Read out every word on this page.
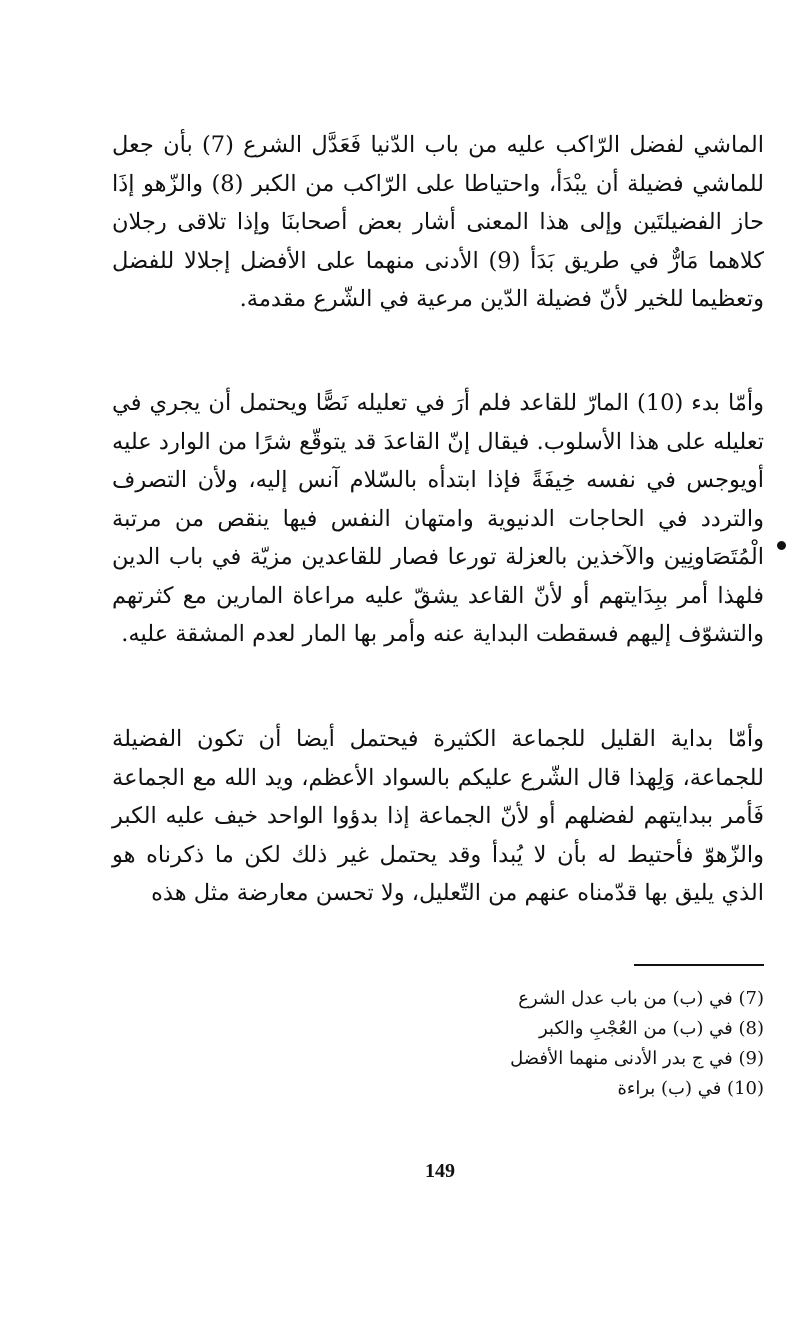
الماشي لفضل الرّاكب عليه من باب الدّنيا فَعَدَّل الشرع (7) بأن جعل للماشي فضيلة أن يبْدَأ، واحتياطا على الرّاكب من الكبر (8) والزّهو إذَا حاز الفضيلتَين وإلى هذا المعنى أشار بعض أصحابنَا وإذا تلاقى رجلان كلاهما مَارٌّ في طريق بَدَأ (9) الأدنى منهما على الأفضل إجلالا للفضل وتعظيما للخير لأنّ فضيلة الدّين مرعية في الشّرع مقدمة.

وأمّا بدء (10) المارّ للقاعد فلم أرَ في تعليله نَصًّا ويحتمل أن يجري في تعليله على هذا الأسلوب. فيقال إنّ القاعدَ قد يتوقّع شرًا من الوارد عليه أويوجس في نفسه خِيفَةً فإذا ابتدأه بالسّلام آنس إليه، ولأن التصرف والتردد في الحاجات الدنيوية وامتهان النفس فيها ينقص من مرتبة الْمُتَصَاونِين والآخذين بالعزلة تورعا فصار للقاعدين مزيّة في باب الدين فلهذا أمر ببِدَايتهم أو لأنّ القاعد يشقّ عليه مراعاة المارين مع كثرتهم والتشوّف إليهم فسقطت البداية عنه وأمر بها المار لعدم المشقة عليه.

وأمّا بداية القليل للجماعة الكثيرة فيحتمل أيضا أن تكون الفضيلة للجماعة، وَلِهذا قال الشّرع عليكم بالسواد الأعظم، ويد الله مع الجماعة فَأمر ببدايتهم لفضلهم أو لأنّ الجماعة إذا بدؤوا الواحد خيف عليه الكبر والزّهوّ فأحتيط له بأن لا يُبدأ وقد يحتمل غير ذلك لكن ما ذكرناه هو الذي يليق بها قدّمناه عنهم من التّعليل، ولا تحسن معارضة مثل هذه

(7) في (ب) من باب عدل الشرع
(8) في (ب) من العُجْبِ والكبر
(9) في ج بدر الأدنى منهما الأفضل
(10) في (ب) براءة
149
